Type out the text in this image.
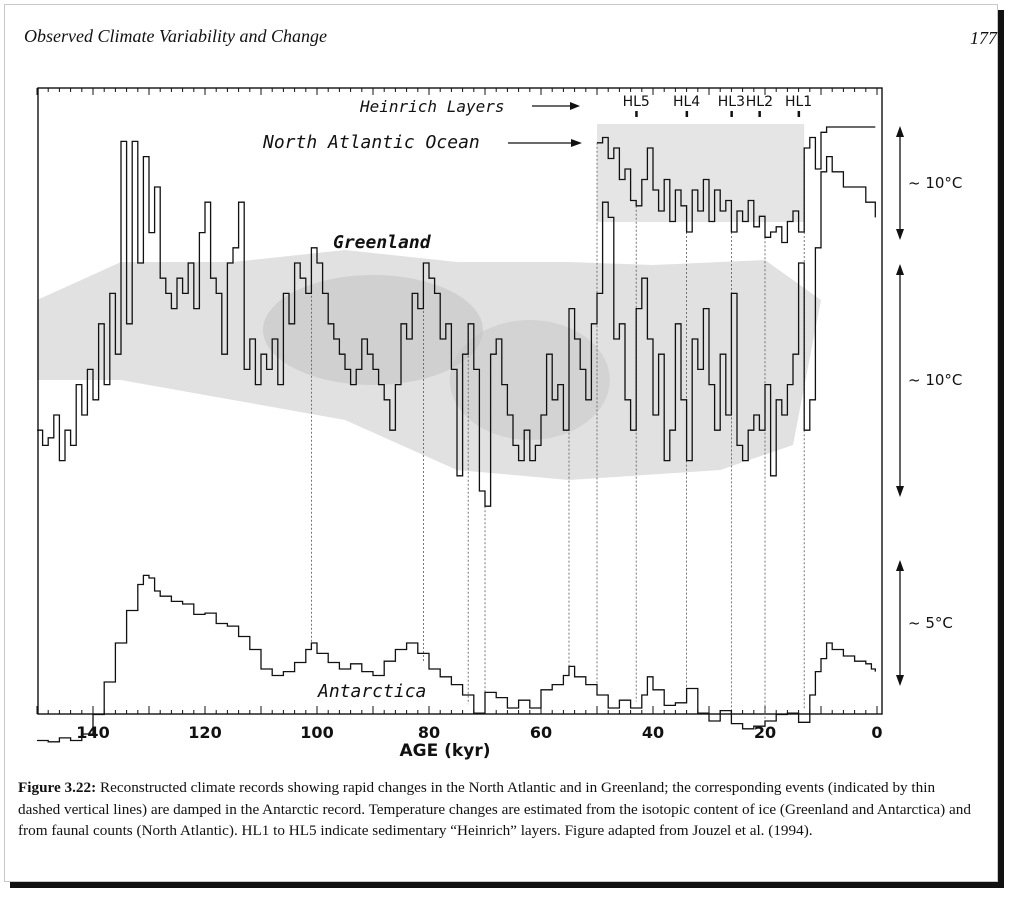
Observed Climate Variability and Change	177
140	120	100	80	60	40	20	0
HL5 HL4 HL3 HL2 HL1
~ 10°C
~ 10°C
~ 5°C
Heinrich Layers
North Atlantic Ocean
Greenland
Antarctica
AGE (kyr)
Figure 3.22: Reconstructed climate records showing rapid changes in the North Atlantic and in Greenland; the corresponding events (indicated by thin dashed vertical lines) are damped in the Antarctic record. Temperature changes are estimated from the isotopic content of ice (Greenland and Antarctica) and from faunal counts (North Atlantic). HL1 to HL5 indicate sedimentary “Heinrich” layers. Figure adapted from Jouzel et al. (1994).
